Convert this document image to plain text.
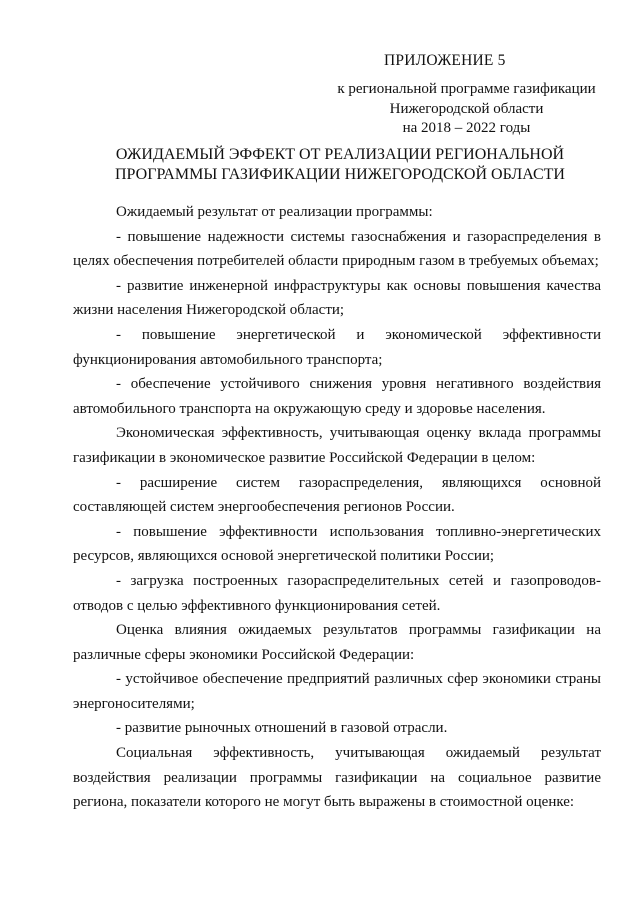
ПРИЛОЖЕНИЕ 5
к региональной программе газификации
Нижегородской области
на 2018 – 2022 годы
ОЖИДАЕМЫЙ ЭФФЕКТ ОТ РЕАЛИЗАЦИИ РЕГИОНАЛЬНОЙ
ПРОГРАММЫ ГАЗИФИКАЦИИ НИЖЕГОРОДСКОЙ ОБЛАСТИ

Ожидаемый результат от реализации программы:

- повышение надежности системы газоснабжения и газораспределения в целях обеспечения потребителей области природным газом в требуемых объемах;

- развитие инженерной инфраструктуры как основы повышения качества жизни населения Нижегородской области;

- повышение энергетической и экономической эффективности функционирования автомобильного транспорта;

- обеспечение устойчивого снижения уровня негативного воздействия автомобильного транспорта на окружающую среду и здоровье населения.

Экономическая эффективность, учитывающая оценку вклада программы газификации в экономическое развитие Российской Федерации в целом:

- расширение систем газораспределения, являющихся основной составляющей систем энергообеспечения регионов России.

- повышение эффективности использования топливно-энергетических ресурсов, являющихся основой энергетической политики России;

- загрузка построенных газораспределительных сетей и газопроводов-отводов с целью эффективного функционирования сетей.

Оценка влияния ожидаемых результатов программы газификации на различные сферы экономики Российской Федерации:

- устойчивое обеспечение предприятий различных сфер экономики страны энергоносителями;

- развитие рыночных отношений в газовой отрасли.

Социальная эффективность, учитывающая ожидаемый результат воздействия реализации программы газификации на социальное развитие региона, показатели которого не могут быть выражены в стоимостной оценке:
